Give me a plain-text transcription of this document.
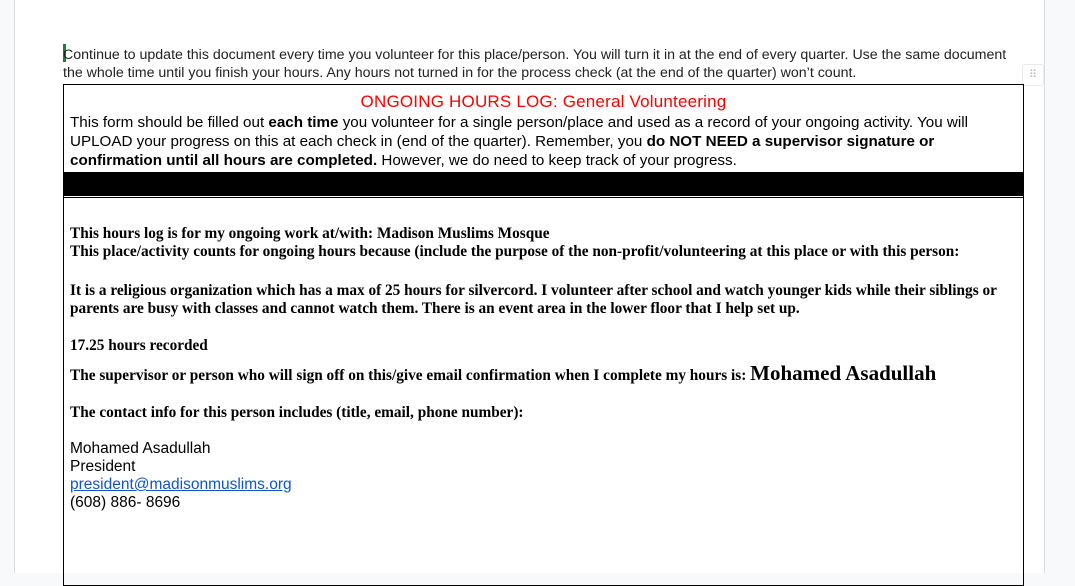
Continue to update this document every time you volunteer for this place/person. You will turn it in at the end of every quarter. Use the same document the whole time until you finish your hours. Any hours not turned in for the process check (at the end of the quarter) won’t count.	⠿
ONGOING HOURS LOG: General Volunteering
This form should be filled out each time you volunteer for a single person/place and used as a record of your ongoing activity. You will UPLOAD your progress on this at each check in (end of the quarter). Remember, you do NOT NEED a supervisor signature or confirmation until all hours are completed. However, we do need to keep track of your progress.

This hours log is for my ongoing work at/with: Madison Muslims Mosque

This place/activity counts for ongoing hours because (include the purpose of the non-profit/volunteering at this place or with this person:

It is a religious organization which has a max of 25 hours for silvercord. I volunteer after school and watch younger kids while their siblings or parents are busy with classes and cannot watch them. There is an event area in the lower floor that I help set up.

17.25 hours recorded

The supervisor or person who will sign off on this/give email confirmation when I complete my hours is: Mohamed Asadullah

The contact info for this person includes (title, email, phone number):

Mohamed Asadullah
President
president@madisonmuslims.org
(608) 886- 8696
